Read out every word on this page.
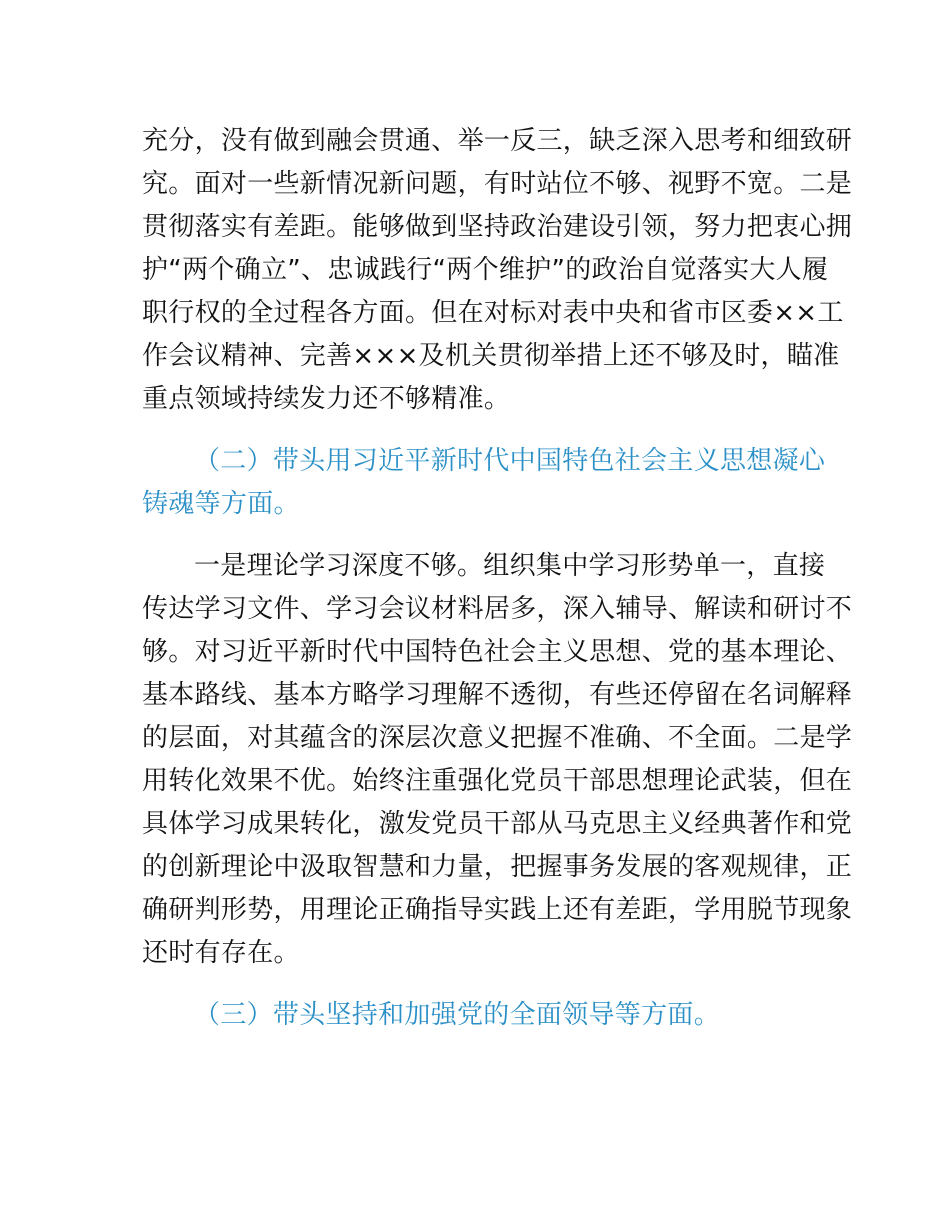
充分，没有做到融会贯通、举一反三，缺乏深入思考和细致研
究。面对一些新情况新问题，有时站位不够、视野不宽。二是
贯彻落实有差距。能够做到坚持政治建设引领，努力把衷心拥
护“两个确立”、忠诚践行“两个维护”的政治自觉落实大人履
职行权的全过程各方面。但在对标对表中央和省市区委××工
作会议精神、完善×××及机关贯彻举措上还不够及时，瞄准
重点领域持续发力还不够精准。
（二）带头用习近平新时代中国特色社会主义思想凝心
铸魂等方面。
一是理论学习深度不够。组织集中学习形势单一，直接
传达学习文件、学习会议材料居多，深入辅导、解读和研讨不
够。对习近平新时代中国特色社会主义思想、党的基本理论、
基本路线、基本方略学习理解不透彻，有些还停留在名词解释
的层面，对其蕴含的深层次意义把握不准确、不全面。二是学
用转化效果不优。始终注重强化党员干部思想理论武装，但在
具体学习成果转化，激发党员干部从马克思主义经典著作和党
的创新理论中汲取智慧和力量，把握事务发展的客观规律，正
确研判形势，用理论正确指导实践上还有差距，学用脱节现象
还时有存在。
（三）带头坚持和加强党的全面领导等方面。
